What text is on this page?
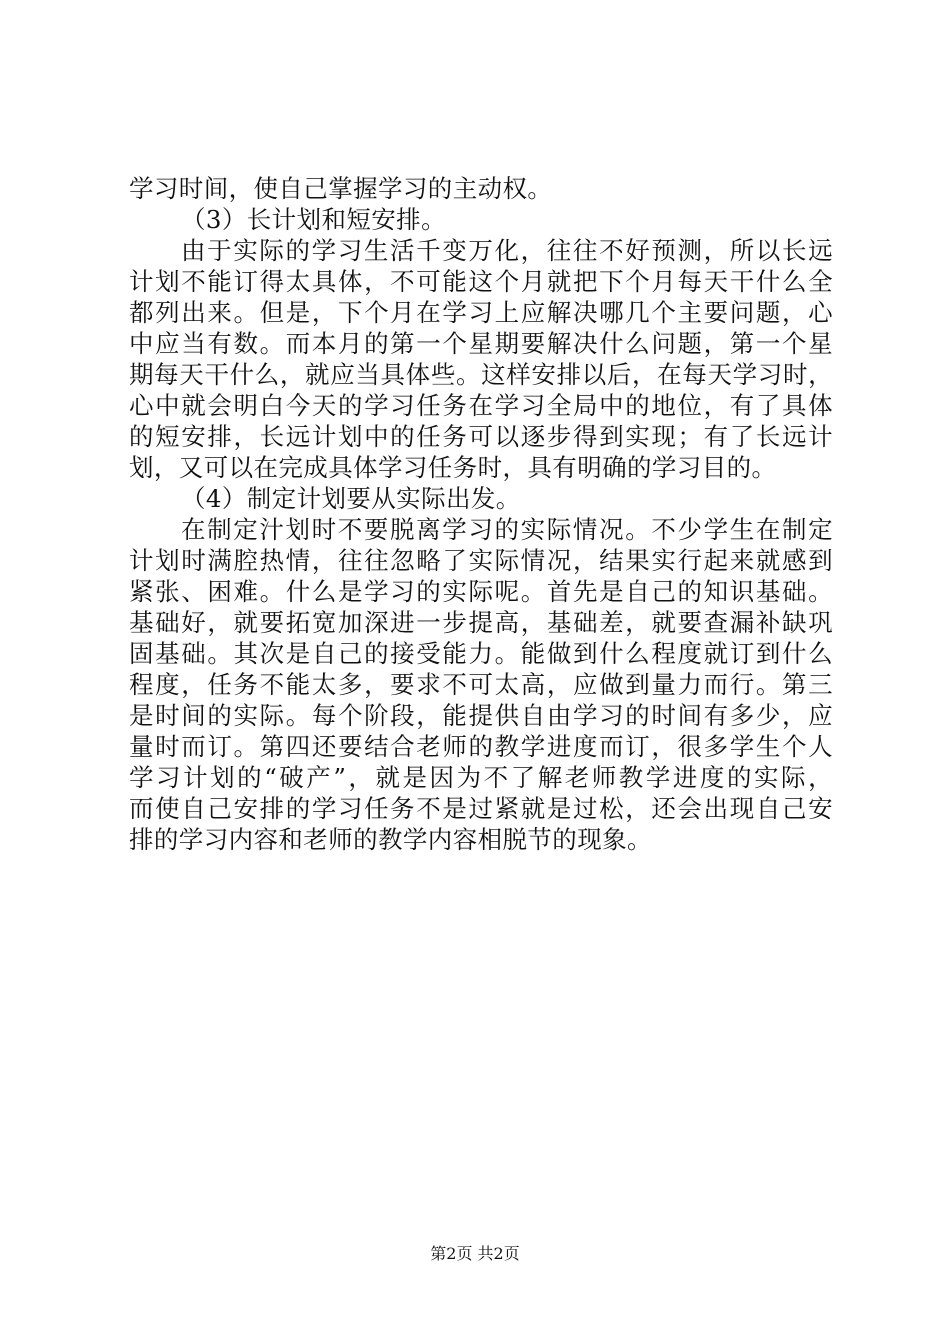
学习时间，使自己掌握学习的主动权。
（3）长计划和短安排。
由于实际的学习生活千变万化，往往不好预测，所以长远
计划不能订得太具体，不可能这个月就把下个月每天干什么全
都列出来。但是，下个月在学习上应解决哪几个主要问题，心
中应当有数。而本月的第一个星期要解决什么问题，第一个星
期每天干什么，就应当具体些。这样安排以后，在每天学习时，
心中就会明白今天的学习任务在学习全局中的地位，有了具体
的短安排，长远计划中的任务可以逐步得到实现；有了长远计
划，又可以在完成具体学习任务时，具有明确的学习目的。
（4）制定计划要从实际出发。
在制定汁划时不要脱离学习的实际情况。不少学生在制定
计划时满腔热情，往往忽略了实际情况，结果实行起来就感到
紧张、困难。什么是学习的实际呢。首先是自己的知识基础。
基础好，就要拓宽加深进一步提高，基础差，就要查漏补缺巩
固基础。其次是自己的接受能力。能做到什么程度就订到什么
程度，任务不能太多，要求不可太高，应做到量力而行。第三
是时间的实际。每个阶段，能提供自由学习的时间有多少，应
量时而订。第四还要结合老师的教学进度而订，很多学生个人
学习计划的“破产”，就是因为不了解老师教学进度的实际，
而使自己安排的学习任务不是过紧就是过松，还会出现自己安
排的学习内容和老师的教学内容相脱节的现象。
第2页 共2页
